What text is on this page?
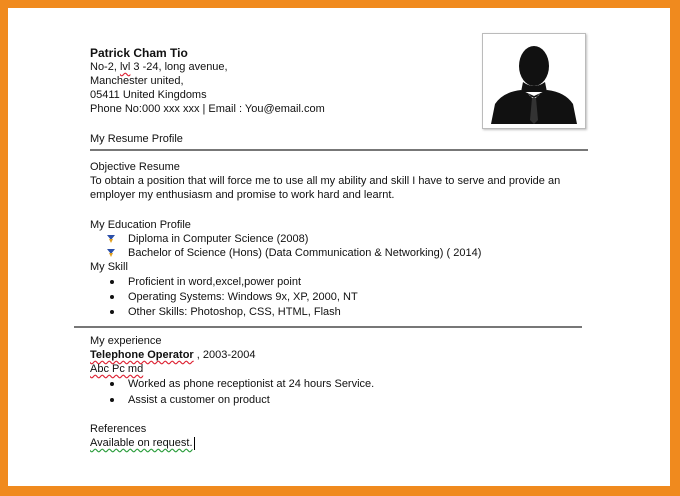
Patrick Cham Tio
No-2, lvl 3 -24, long avenue,
Manchester united,
05411 United Kingdoms
Phone No:000 xxx xxx | Email : You@email.com
My Resume Profile
Objective Resume
To obtain a position that will force me to use all my ability and skill I have to serve and provide an
employer my enthusiasm and promise to work hard and learnt.
My Education Profile
Diploma in Computer Science (2008)
Bachelor of Science (Hons) (Data Communication & Networking) ( 2014)
My Skill
Proficient in word,excel,power point
Operating Systems: Windows 9x, XP, 2000, NT
Other Skills: Photoshop, CSS, HTML, Flash
My experience
Telephone Operator , 2003-2004
Abc Pc md
Worked as phone receptionist at 24 hours Service.
Assist a customer on product
References
Available on request.
